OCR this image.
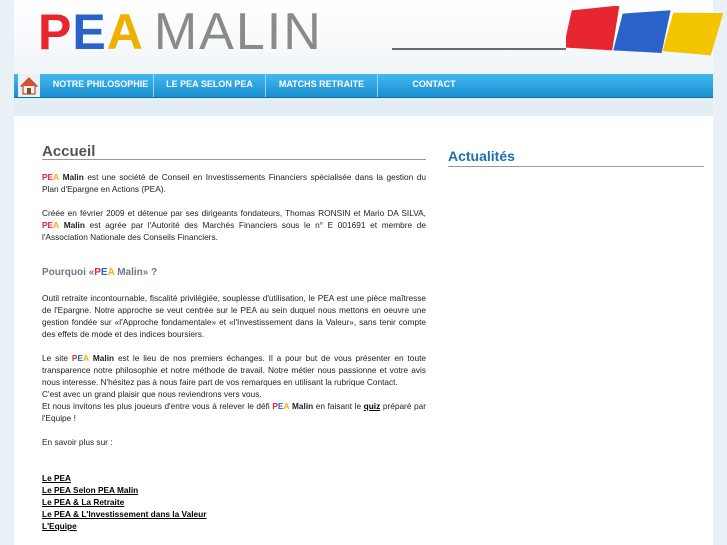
PEA MALIN
NOTRE PHILOSOPHIE	LE PEA SELON PEA	MATCHS RETRAITE	CONTACT
Accueil

PEA Malin est une société de Conseil en Investissements Financiers spécialisée dans la gestion du Plan d'Epargne en Actions (PEA).

Créée en février 2009 et détenue par ses dirigeants fondateurs, Thomas RONSIN et Mario DA SILVA, PEA Malin est agrée par l'Autorité des Marchés Financiers sous le n° E 001691 et membre de l'Association Nationale des Conseils Financiers.

Pourquoi «PEA Malin» ?

Outil retraite incontournable, fiscalité privilégiée, souplesse d'utilisation, le PEA est une pièce maîtresse de l'Epargne. Notre approche se veut centrée sur le PEA au sein duquel nous mettons en oeuvre une gestion fondée sur «l'Approche fondamentale» et «l'Investissement dans la Valeur», sans tenir compte des effets de mode et des indices boursiers.

Le site PEA Malin est le lieu de nos premiers échanges. Il a pour but de vous présenter en toute transparence notre philosophie et notre méthode de travail. Notre métier nous passionne et votre avis nous interesse. N'hésitez pas à nous faire part de vos remarques en utilisant la rubrique Contact.
C'est avec un grand plaisir que nous reviendrons vers vous.
Et nous invitons les plus joueurs d'entre vous à relever le défi PEA Malin en faisant le quiz préparé par l'Equipe !

En savoir plus sur :

Le PEA
Le PEA Selon PEA Malin
Le PEA & La Retraite
Le PEA & L'Investissement dans la Valeur
L'Equipe
Actualités
